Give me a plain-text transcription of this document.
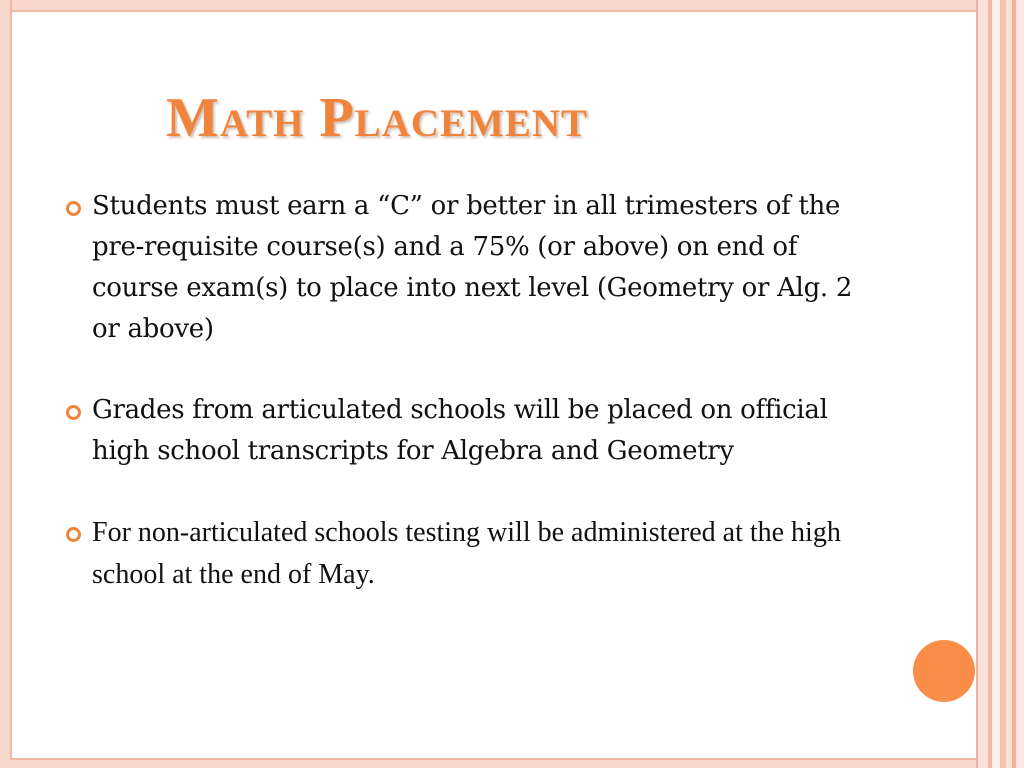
Math Placement
Students must earn a “C” or better in all trimesters of the pre-requisite course(s) and a 75% (or above) on end of course exam(s) to place into next level (Geometry or Alg. 2 or above)
Grades from articulated schools will be placed on official high school transcripts for Algebra and Geometry
For non-articulated schools testing will be administered at the high school at the end of May.
